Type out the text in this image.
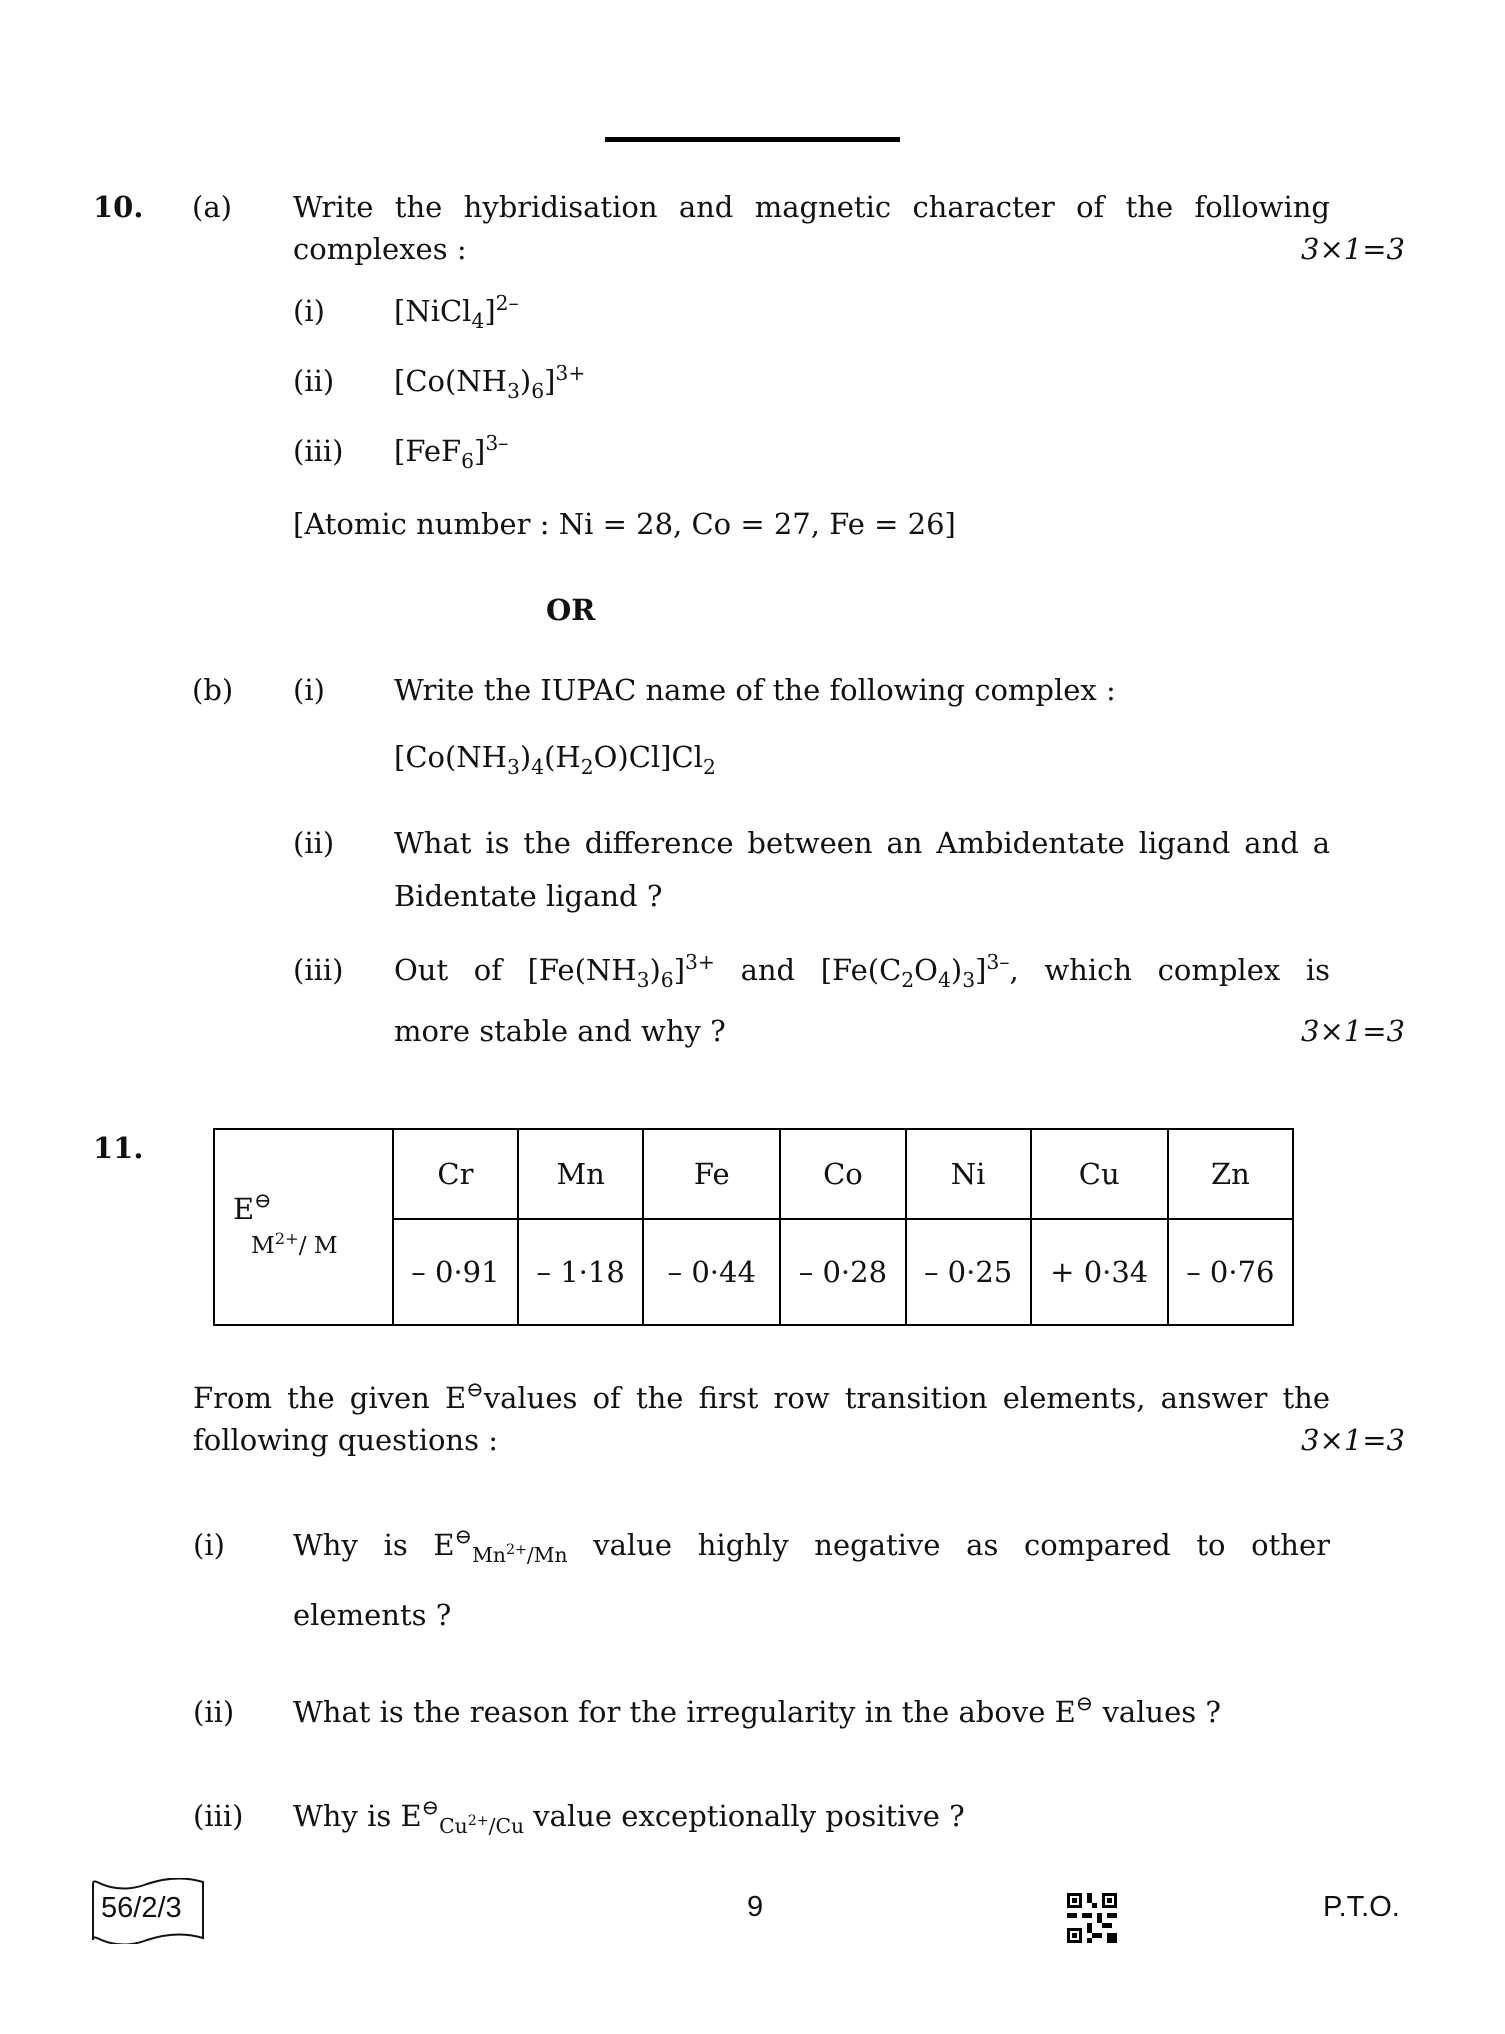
10. (a) Write the hybridisation and magnetic character of the following
complexes :	3×1=3
(i) [NiCl$_4$]$^{2-}$
(ii) $[Co(NH_3)_6]^{3+}$
(iii) $[FeF_6]^{3-}$
[Atomic number : Ni = 28, Co = 27, Fe = 26]
OR
(b) (i) Write the IUPAC name of the following complex :
$[Co(NH_3)_4(H_2O)Cl]Cl_2$
(ii) What is the difference between an Ambidentate ligand and a
Bidentate ligand ?
(iii) Out of $[Fe(NH_3)_6]^{3+}$ and $[Fe(C_2O_4)_3]^{3-}$, which complex is
more stable and why ?	3×1=3
11.
E⊖
$M^{2+}/$ M	Cr	Mn	Fe	Co	Ni	Cu	Zn
	– 0·91	– 1·18	– 0·44	– 0·28	– 0·25	+ 0·34	– 0·76
From the given E⊖values of the first row transition elements, answer the
following questions :	3×1=3
(i) Why is $E^⊖_{Mn^{2+}/Mn}$ value highly negative as compared to other
elements ?
(ii) What is the reason for the irregularity in the above E⊖ values ?
(iii) Why is $E^⊖_{Cu^{2+}/Cu}$ value exceptionally positive ?
56/2/3	9	P.T.O.
